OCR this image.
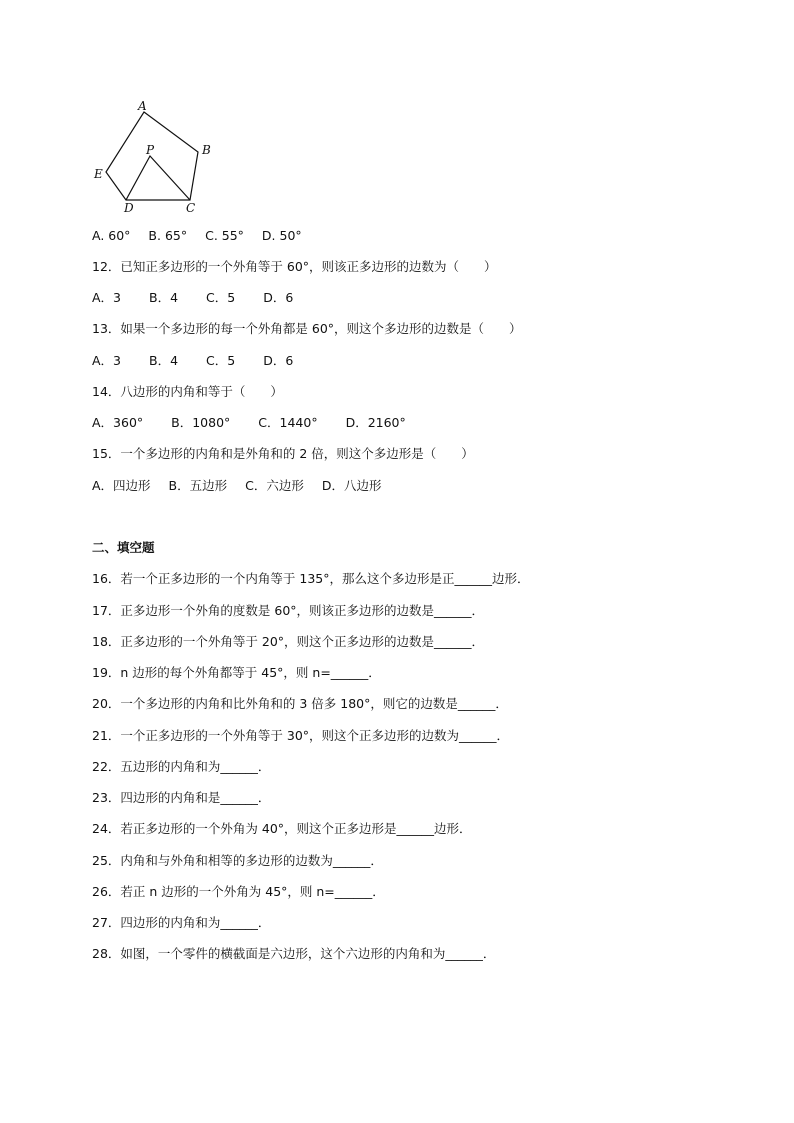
A
B
C
D
E
P
A. 60° B. 65° C. 55° D. 50°
12．已知正多边形的一个外角等于 60°，则该正多边形的边数为（　　）
A．3 B．4 C．5 D．6
13．如果一个多边形的每一个外角都是 60°，则这个多边形的边数是（　　）
A．3 B．4 C．5 D．6
14．八边形的内角和等于（　　）
A．360° B．1080° C．1440° D．2160°
15．一个多边形的内角和是外角和的 2 倍，则这个多边形是（　　）
A．四边形 B．五边形 C．六边形 D．八边形
二、填空题
16．若一个正多边形的一个内角等于 135°，那么这个多边形是正______边形．
17．正多边形一个外角的度数是 60°，则该正多边形的边数是______．
18．正多边形的一个外角等于 20°，则这个正多边形的边数是______．
19．n 边形的每个外角都等于 45°，则 n=______．
20．一个多边形的内角和比外角和的 3 倍多 180°，则它的边数是______．
21．一个正多边形的一个外角等于 30°，则这个正多边形的边数为______．
22．五边形的内角和为______．
23．四边形的内角和是______．
24．若正多边形的一个外角为 40°，则这个正多边形是______边形．
25．内角和与外角和相等的多边形的边数为______．
26．若正 n 边形的一个外角为 45°，则 n=______．
27．四边形的内角和为______．
28．如图，一个零件的横截面是六边形，这个六边形的内角和为______．
